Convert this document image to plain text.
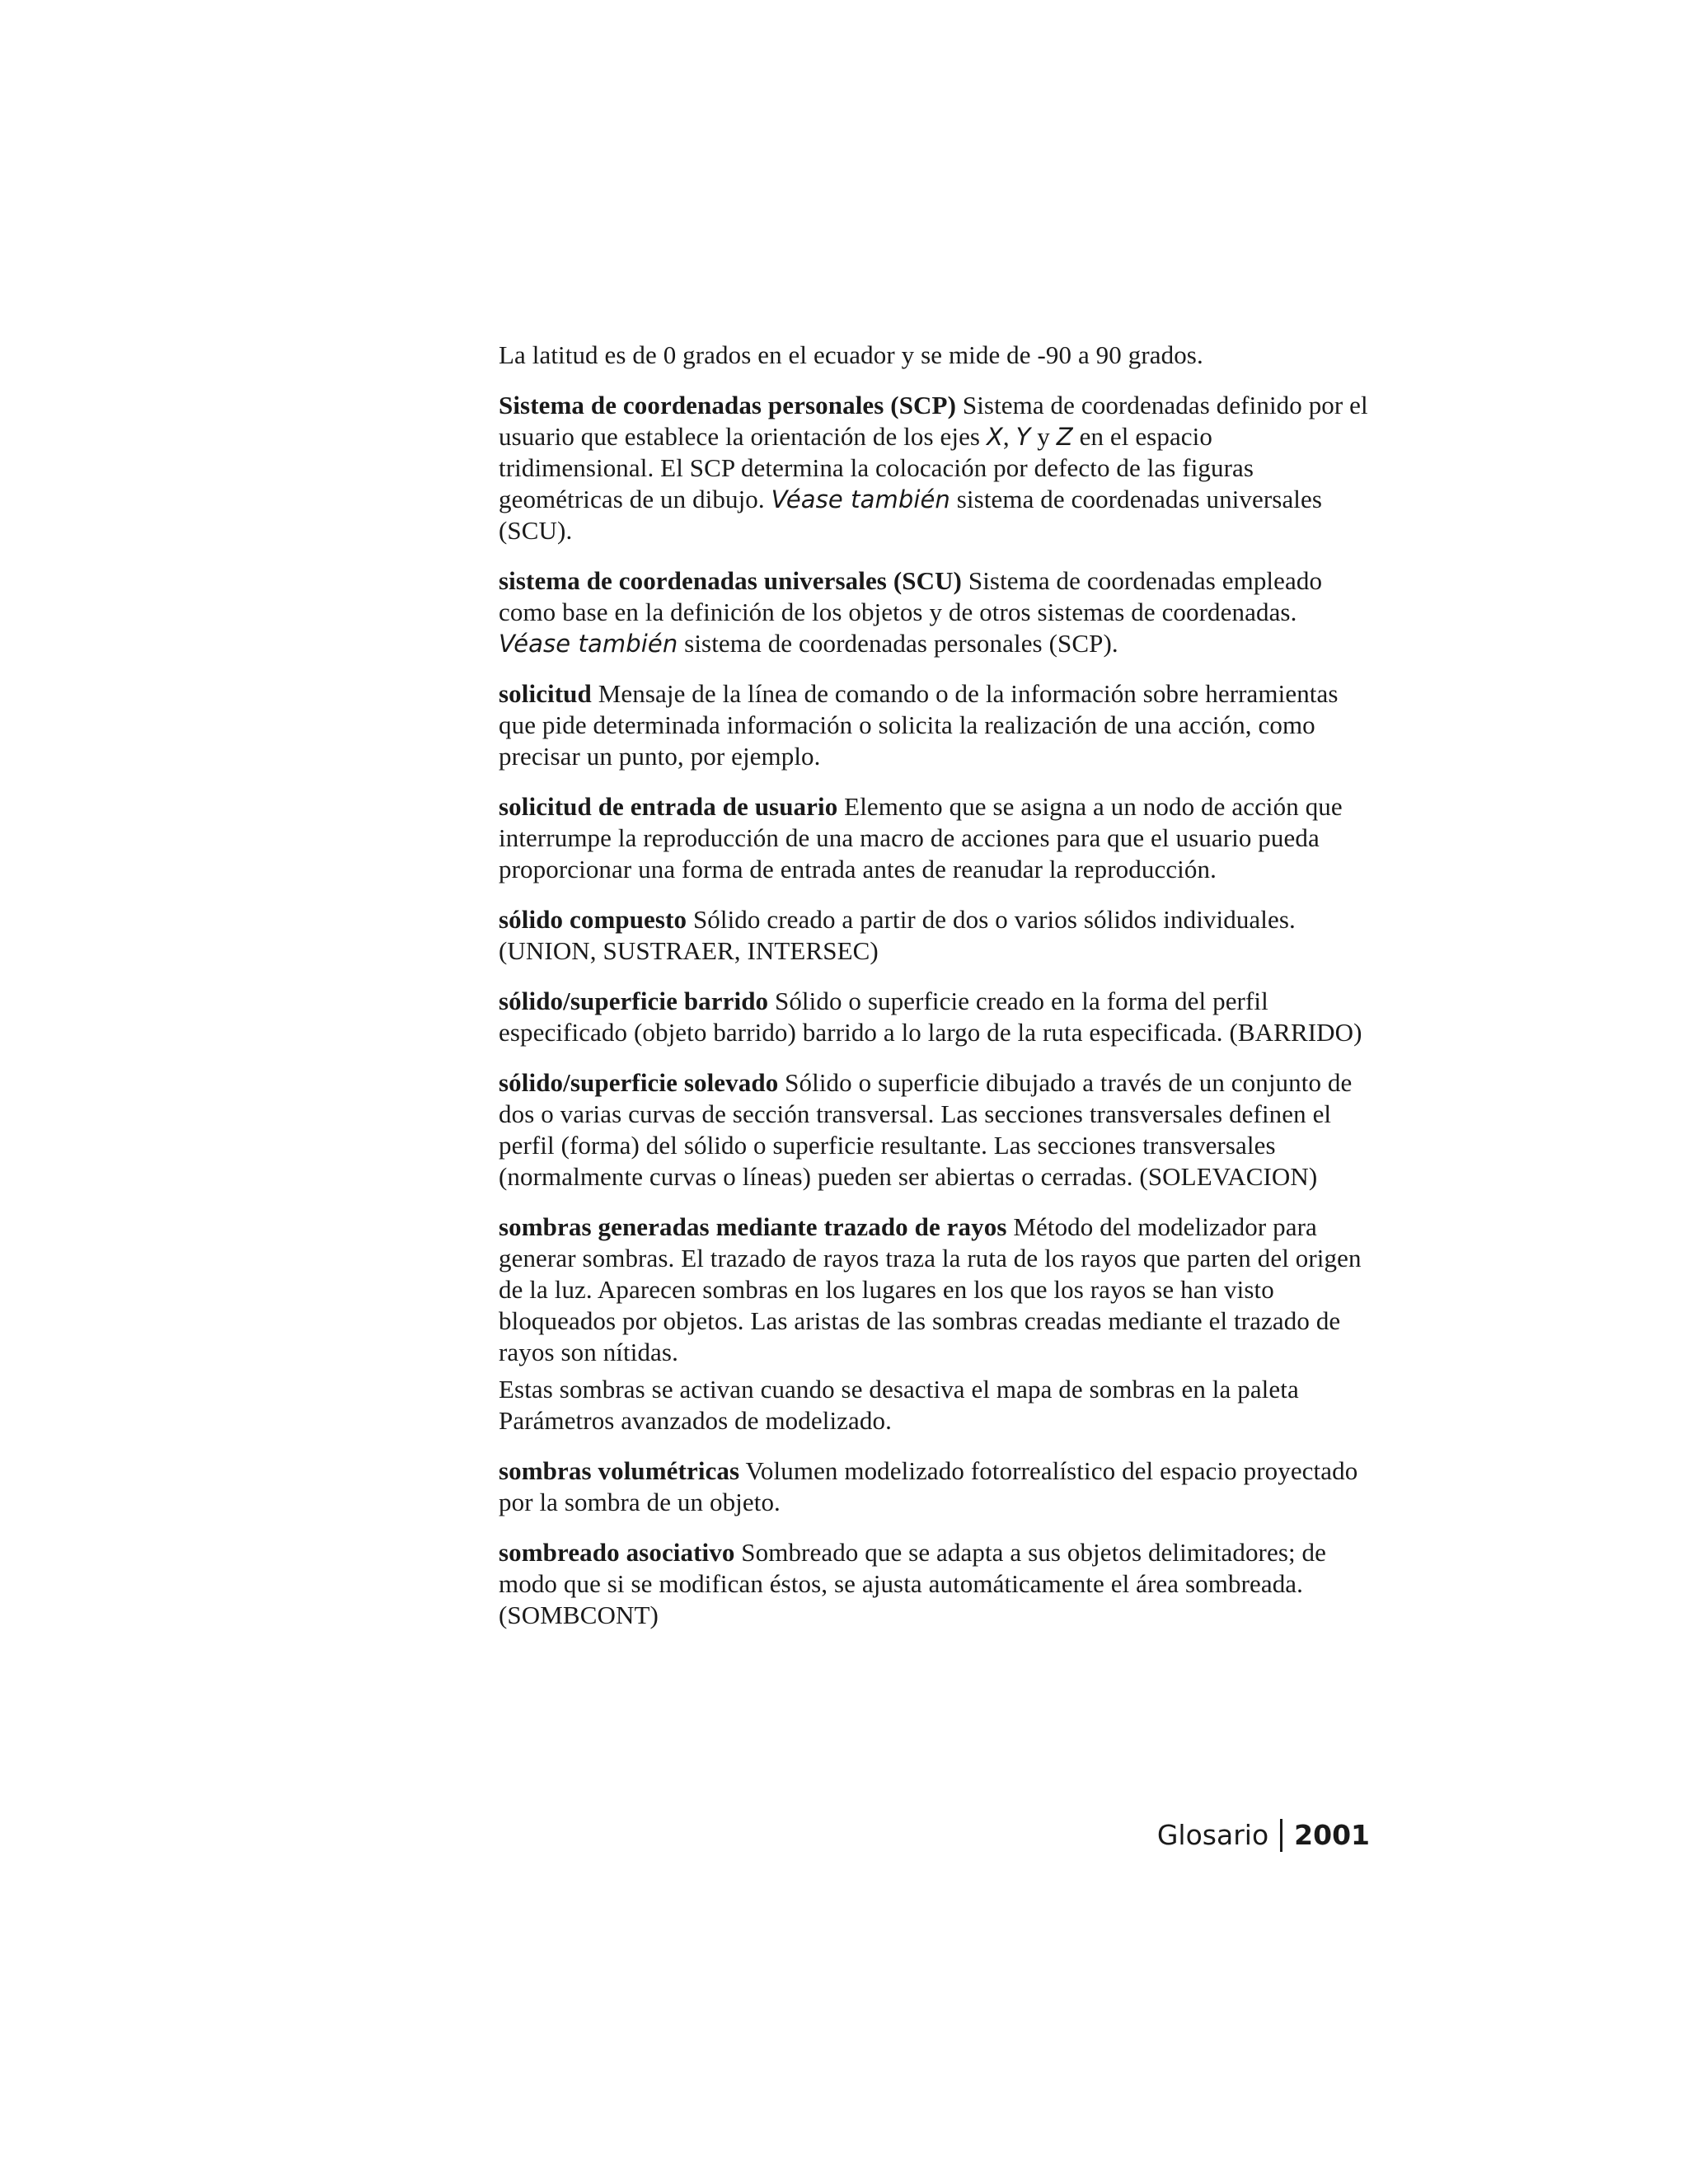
La latitud es de 0 grados en el ecuador y se mide de -90 a 90 grados.

Sistema de coordenadas personales (SCP) Sistema de coordenadas definido por el usuario que establece la orientación de los ejes X, Y y Z en el espacio tridimensional. El SCP determina la colocación por defecto de las figuras geométricas de un dibujo. Véase también sistema de coordenadas universales (SCU).

sistema de coordenadas universales (SCU) Sistema de coordenadas empleado como base en la definición de los objetos y de otros sistemas de coordenadas. Véase también sistema de coordenadas personales (SCP).

solicitud Mensaje de la línea de comando o de la información sobre herramientas que pide determinada información o solicita la realización de una acción, como precisar un punto, por ejemplo.

solicitud de entrada de usuario Elemento que se asigna a un nodo de acción que interrumpe la reproducción de una macro de acciones para que el usuario pueda proporcionar una forma de entrada antes de reanudar la reproducción.

sólido compuesto Sólido creado a partir de dos o varios sólidos individuales. (UNION, SUSTRAER, INTERSEC)

sólido/superficie barrido Sólido o superficie creado en la forma del perfil especificado (objeto barrido) barrido a lo largo de la ruta especificada. (BARRIDO)

sólido/superficie solevado Sólido o superficie dibujado a través de un conjunto de dos o varias curvas de sección transversal. Las secciones transversales definen el perfil (forma) del sólido o superficie resultante. Las secciones transversales (normalmente curvas o líneas) pueden ser abiertas o cerradas. (SOLEVACION)

sombras generadas mediante trazado de rayos Método del modelizador para generar sombras. El trazado de rayos traza la ruta de los rayos que parten del origen de la luz. Aparecen sombras en los lugares en los que los rayos se han visto bloqueados por objetos. Las aristas de las sombras creadas mediante el trazado de rayos son nítidas.

Estas sombras se activan cuando se desactiva el mapa de sombras en la paleta Parámetros avanzados de modelizado.

sombras volumétricas Volumen modelizado fotorrealístico del espacio proyectado por la sombra de un objeto.

sombreado asociativo Sombreado que se adapta a sus objetos delimitadores; de modo que si se modifican éstos, se ajusta automáticamente el área sombreada. (SOMBCONT)

Glosario 2001
